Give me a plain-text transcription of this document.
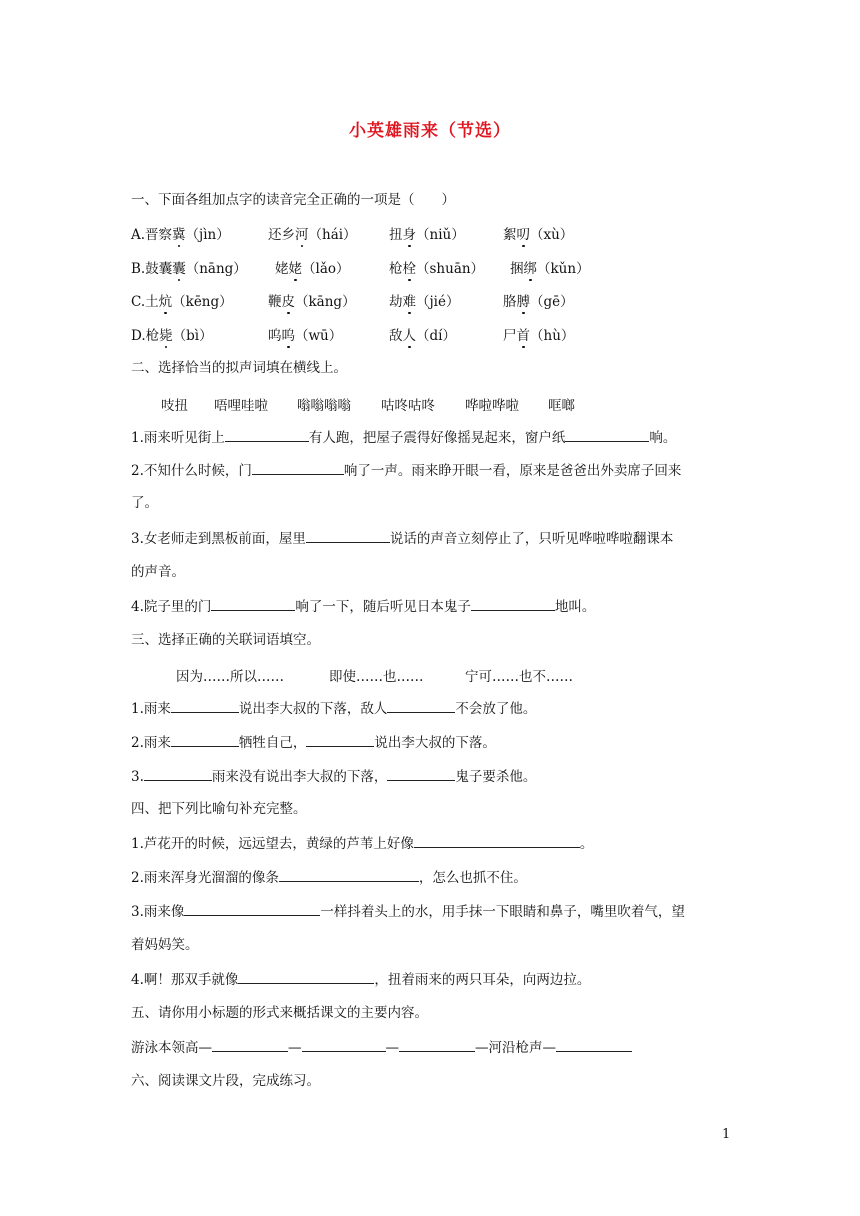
小英雄雨来（节选）
一、下面各组加点字的读音完全正确的一项是（　　）
A.晋察冀（jìn）	还乡河（hái） 扭身（niǔ）	絮叨（xù）
B.鼓囊囊（nāng） 姥姥（lǎo）	枪栓（shuān） 捆绑（kǔn）
C.土炕（kēng）	鞭皮（kāng） 劫难（jié）	胳膊（gē）
D.枪毙（bì）	呜呜（wū）	敌人（dí）	尸首（hù）
二、选择恰当的拟声词填在横线上。
吱扭 唔哩哇啦 嗡嗡嗡嗡 咕咚咕咚 哗啦哗啦 哐啷
1.雨来听见街上	有人跑，把屋子震得好像摇晃起来，窗户纸	响。
2.不知什么时候，门	响了一声。雨来睁开眼一看，原来是爸爸出外卖席子回来
了。
3.女老师走到黑板前面，屋里	说话的声音立刻停止了，只听见哗啦哗啦翻课本
的声音。
4.院子里的门	响了一下，随后听见日本鬼子	地叫。
三、选择正确的关联词语填空。
因为……所以……	即使……也……	宁可……也不……
1.雨来	说出李大叔的下落，敌人	不会放了他。
2.雨来	牺牲自己，	说出李大叔的下落。
3.	雨来没有说出李大叔的下落，	鬼子要杀他。
四、把下列比喻句补充完整。
1.芦花开的时候，远远望去，黄绿的芦苇上好像	。
2.雨来浑身光溜溜的像条	，怎么也抓不住。
3.雨来像	一样抖着头上的水，用手抹一下眼睛和鼻子，嘴里吹着气，望
着妈妈笑。
4.啊！那双手就像	，扭着雨来的两只耳朵，向两边拉。
五、请你用小标题的形式来概括课文的主要内容。
游泳本领高—	—	—	—河沿枪声—
六、阅读课文片段，完成练习。
1
